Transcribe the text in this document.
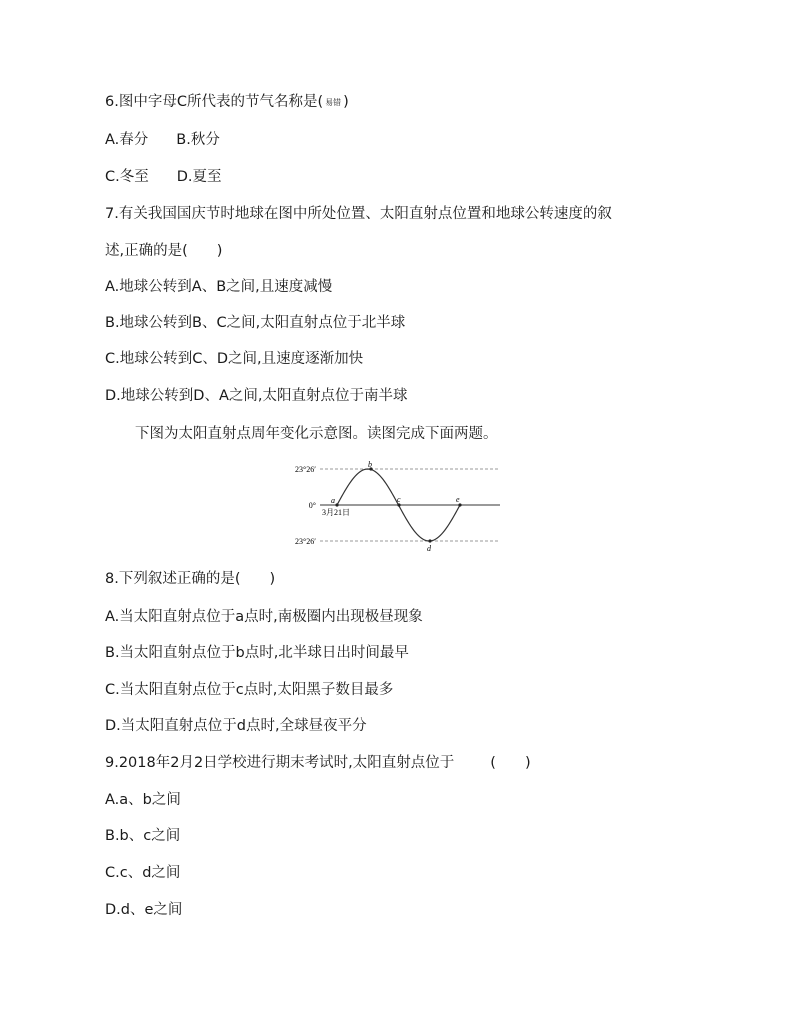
6.图中字母C所代表的节气名称是( 易错 )
A.春分 B.秋分
C.冬至 D.夏至
7.有关我国国庆节时地球在图中所处位置、太阳直射点位置和地球公转速度的叙
述,正确的是(　　)
A.地球公转到A、B之间,且速度减慢
B.地球公转到B、C之间,太阳直射点位于北半球
C.地球公转到C、D之间,且速度逐渐加快
D.地球公转到D、A之间,太阳直射点位于南半球
下图为太阳直射点周年变化示意图。读图完成下面两题。
23°26′
0°
23°26′
3月21日
a
b
c
d
e
8.下列叙述正确的是(　　)
A.当太阳直射点位于a点时,南极圈内出现极昼现象
B.当太阳直射点位于b点时,北半球日出时间最早
C.当太阳直射点位于c点时,太阳黑子数目最多
D.当太阳直射点位于d点时,全球昼夜平分
9.2018年2月2日学校进行期末考试时,太阳直射点位于 (　　)
A.a、b之间
B.b、c之间
C.c、d之间
D.d、e之间
